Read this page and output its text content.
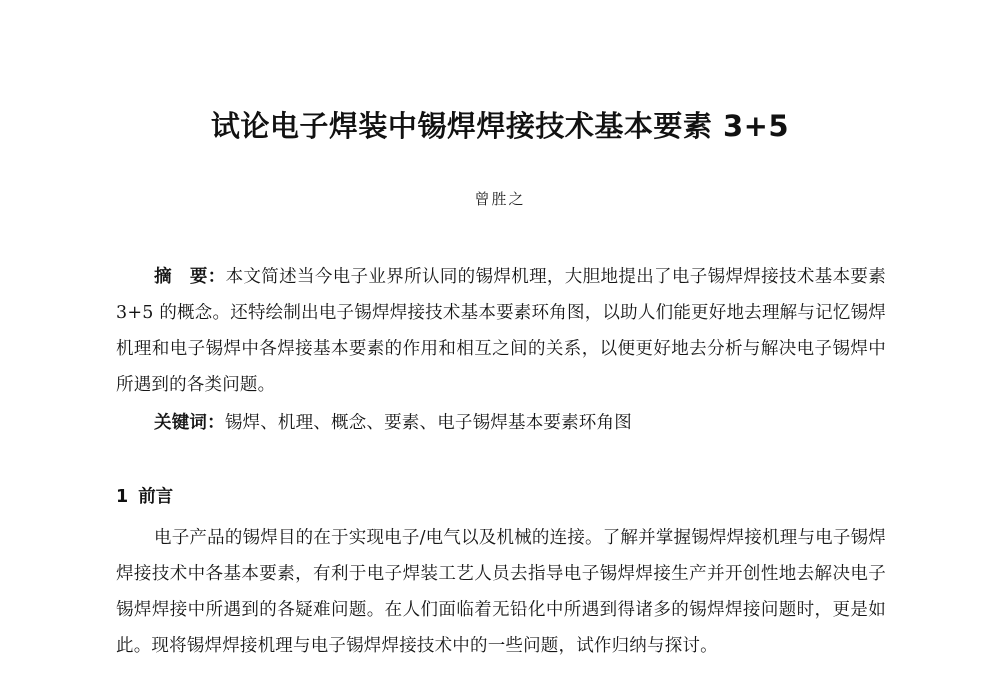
试论电子焊装中锡焊焊接技术基本要素 3+5
曾胜之
摘　要：本文简述当今电子业界所认同的锡焊机理，大胆地提出了电子锡焊焊接技术基本要素 3+5 的概念。还特绘制出电子锡焊焊接技术基本要素环角图，以助人们能更好地去理解与记忆锡焊机理和电子锡焊中各焊接基本要素的作用和相互之间的关系，以便更好地去分析与解决电子锡焊中所遇到的各类问题。
关键词：锡焊、机理、概念、要素、电子锡焊基本要素环角图
1 前言
电子产品的锡焊目的在于实现电子/电气以及机械的连接。了解并掌握锡焊焊接机理与电子锡焊焊接技术中各基本要素，有利于电子焊装工艺人员去指导电子锡焊焊接生产并开创性地去解决电子锡焊焊接中所遇到的各疑难问题。在人们面临着无铅化中所遇到得诸多的锡焊焊接问题时，更是如此。现将锡焊焊接机理与电子锡焊焊接技术中的一些问题，试作归纳与探讨。
